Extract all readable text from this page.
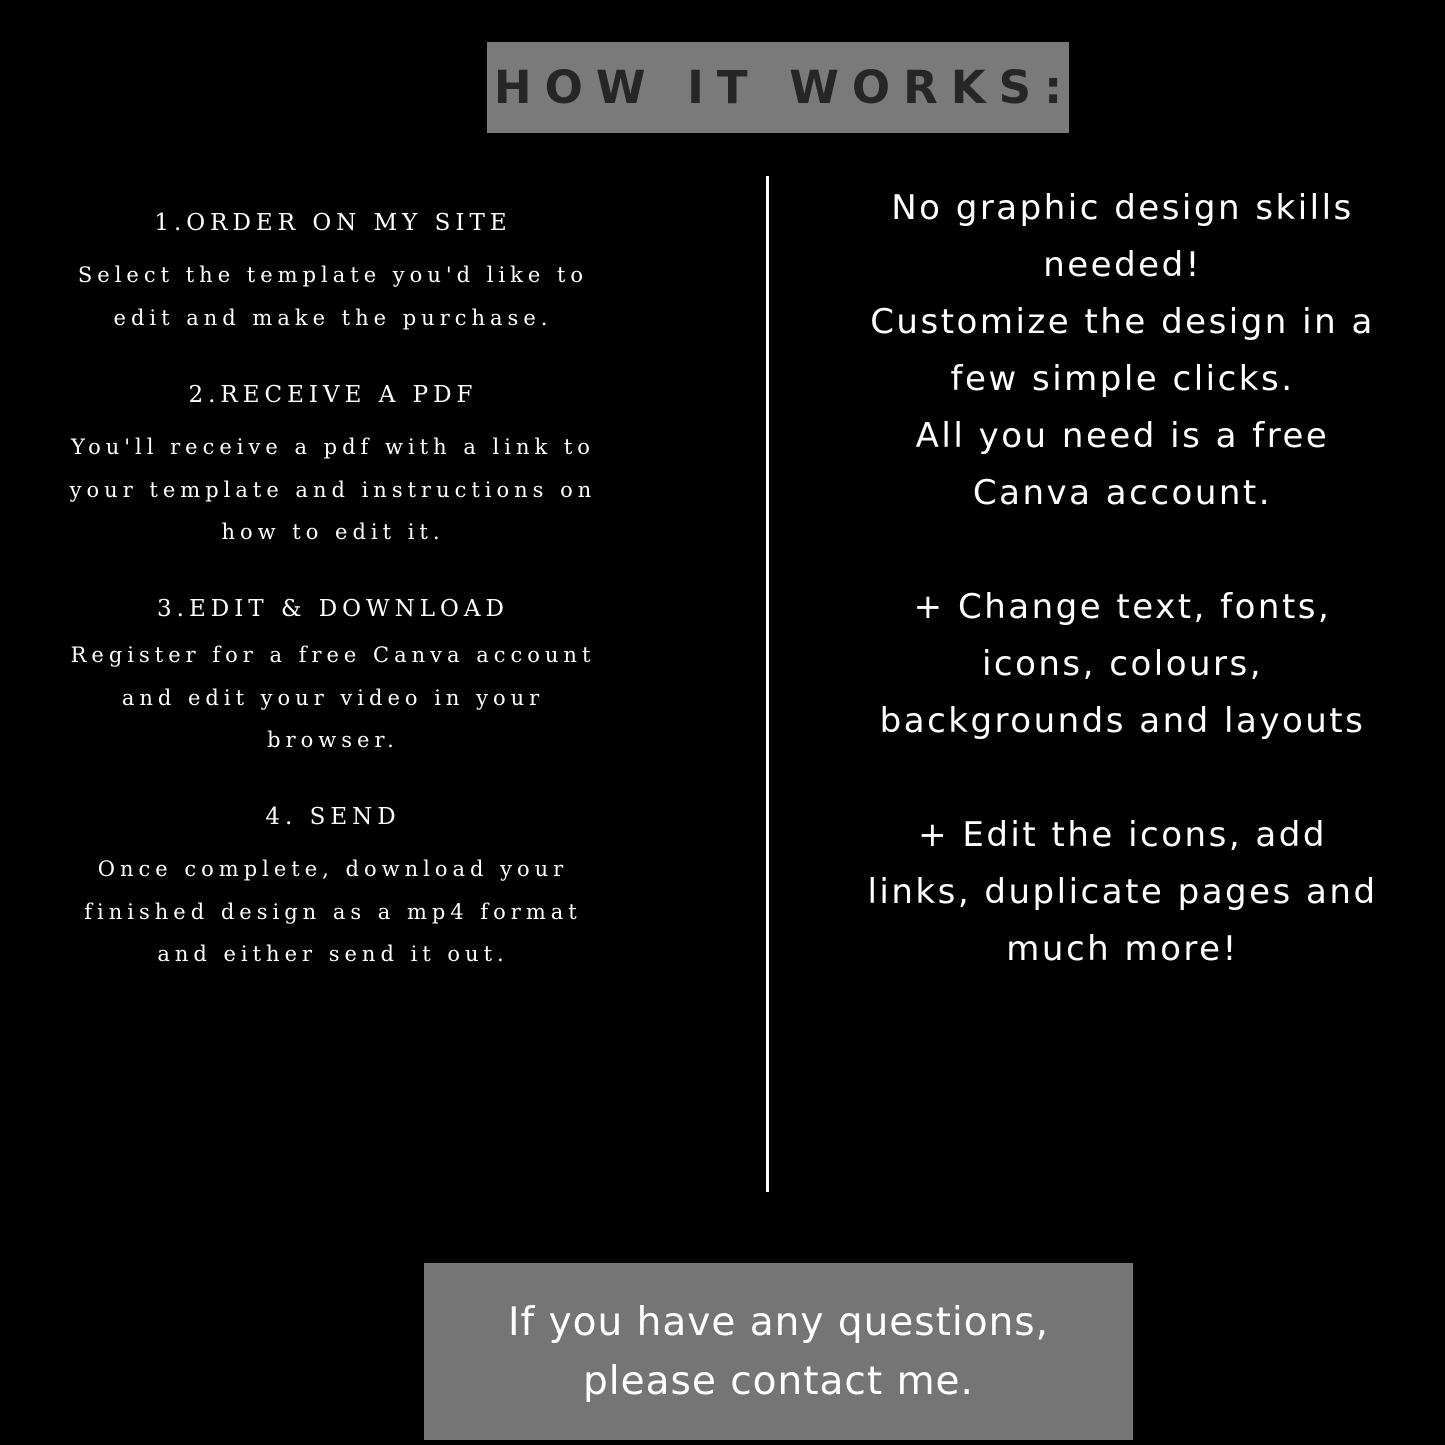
HOW IT WORKS:
1.ORDER ON MY SITE
Select the template you'd like to
edit and make the purchase.
2.RECEIVE A PDF
You'll receive a pdf with a link to
your template and instructions on
how to edit it.
3.EDIT & DOWNLOAD
Register for a free Canva account
and edit your video in your
browser.
4. SEND
Once complete, download your
finished design as a mp4 format
and either send it out.

No graphic design skills
needed!
Customize the design in a
few simple clicks.
All you need is a free
Canva account.

+ Change text, fonts,
icons, colours,
backgrounds and layouts

+ Edit the icons, add
links, duplicate pages and
much more!

If you have any questions,
please contact me.
